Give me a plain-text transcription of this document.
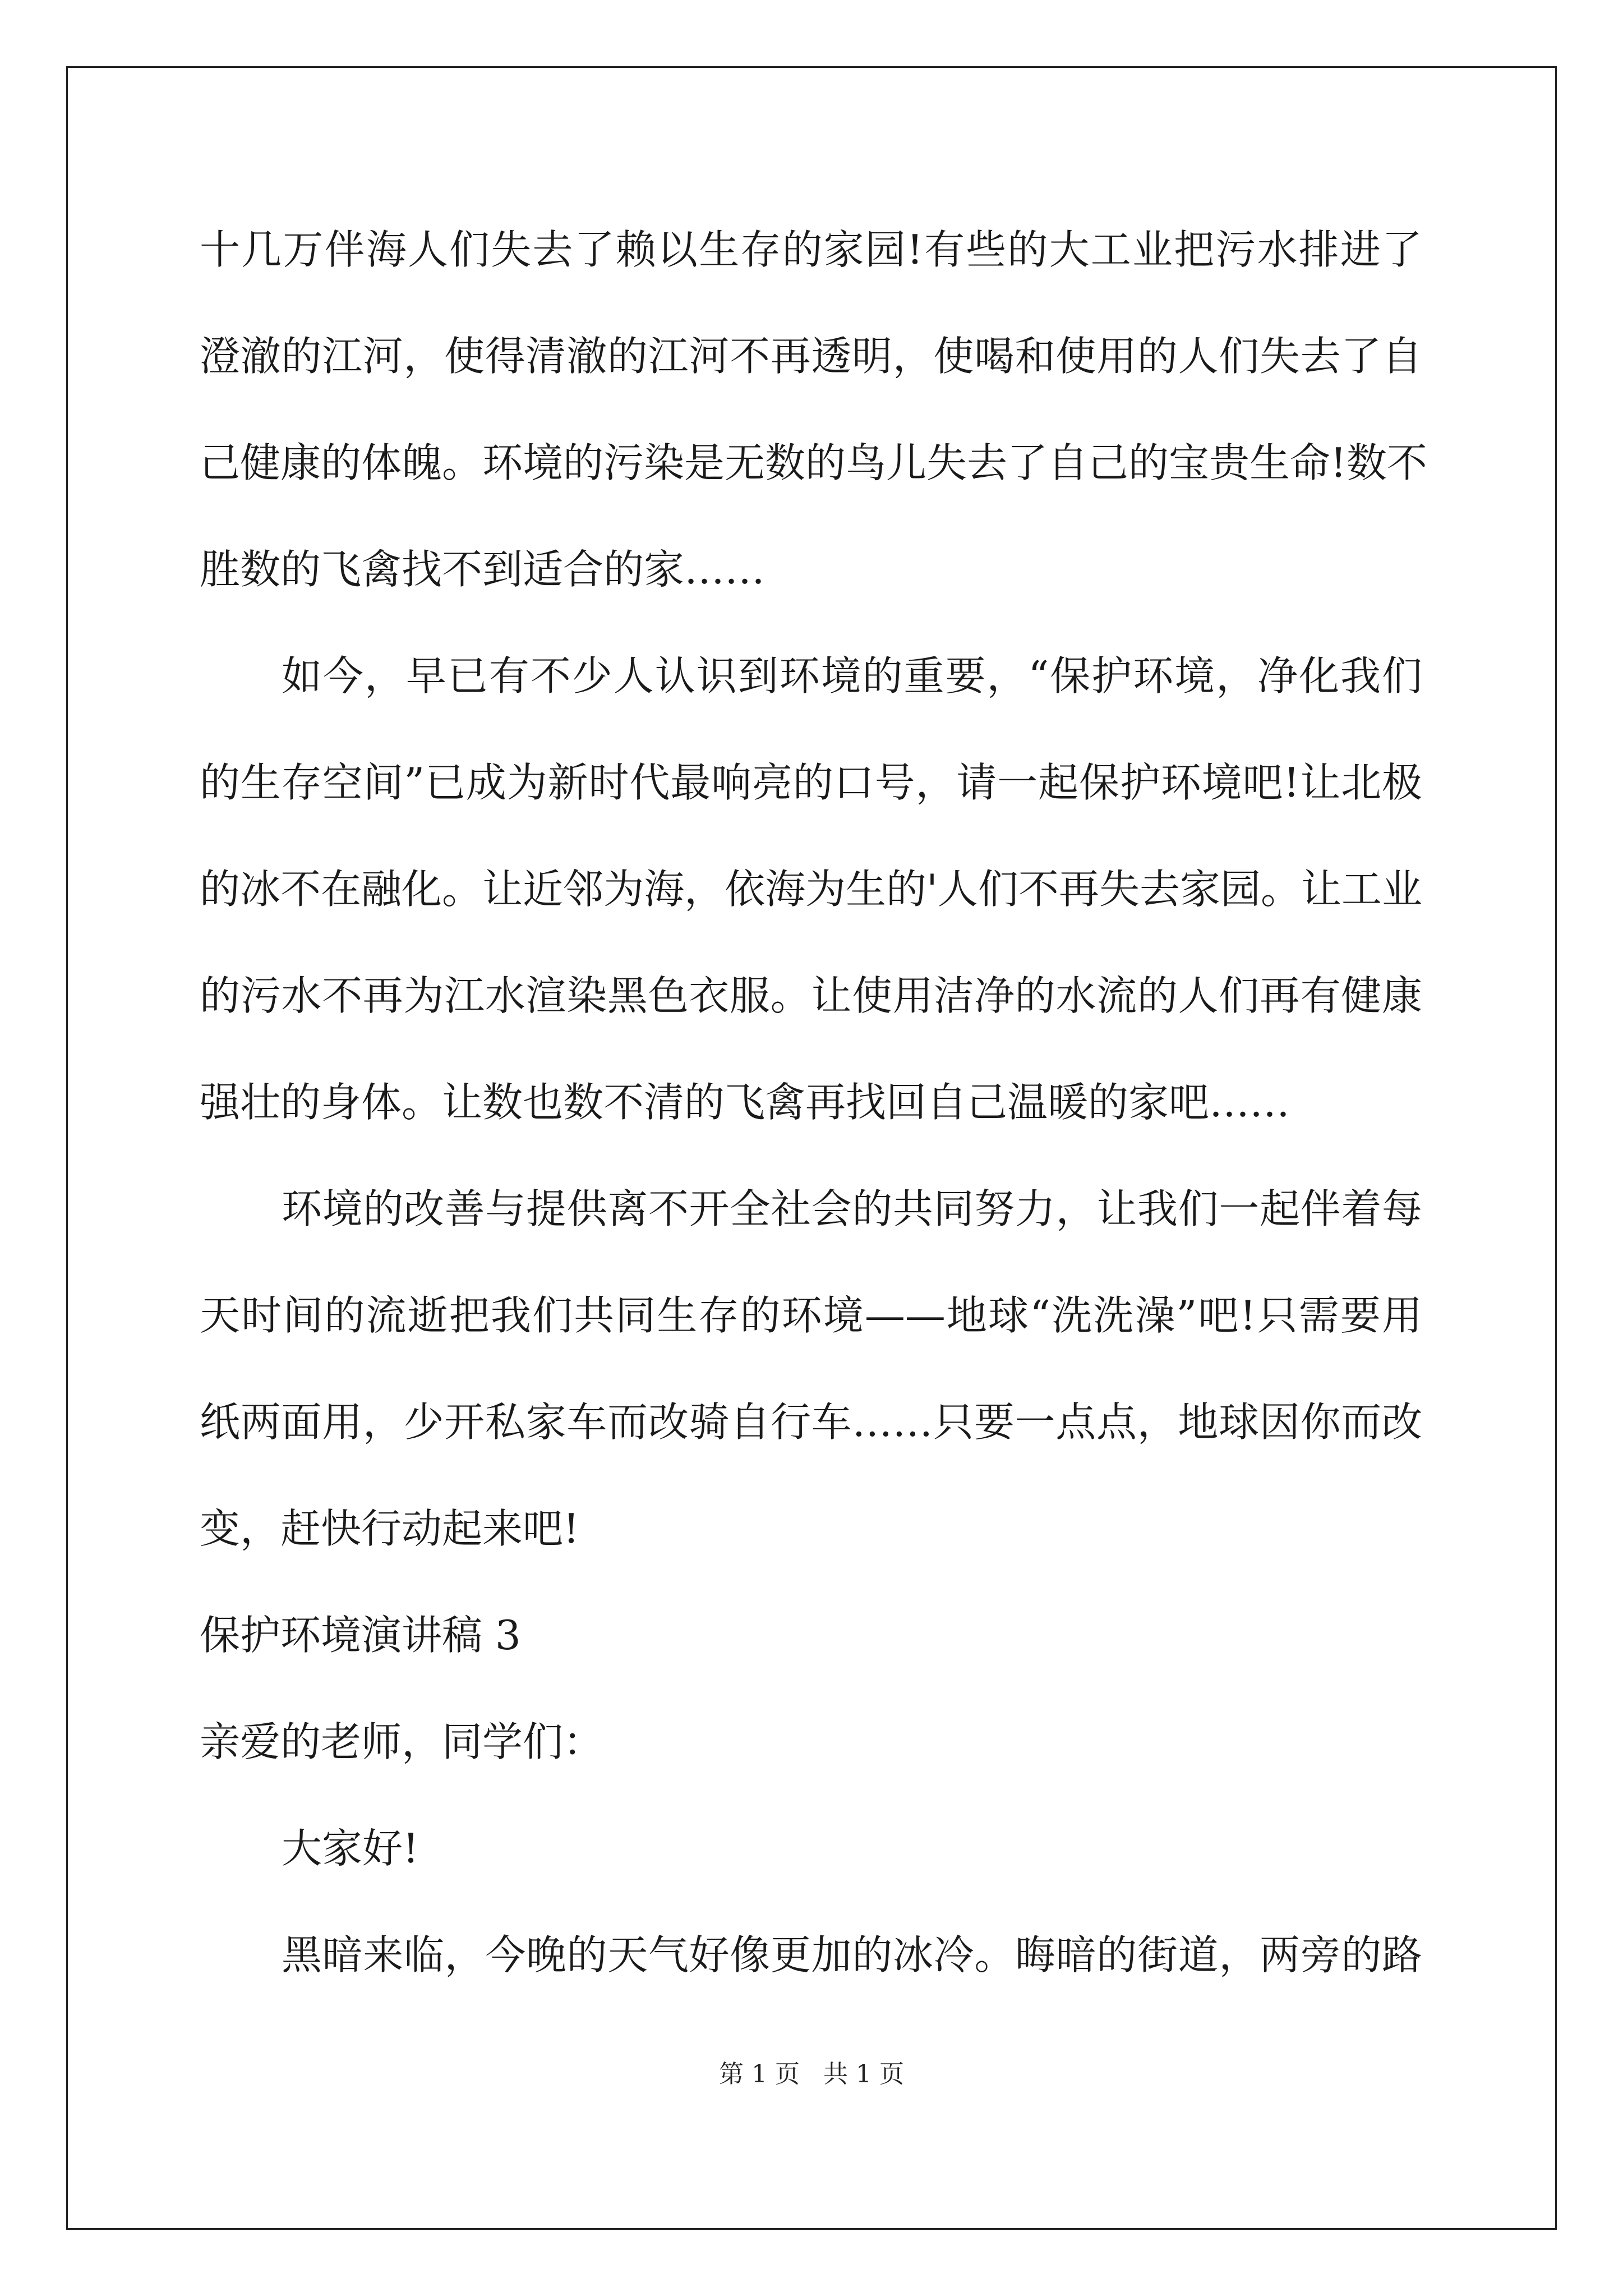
十几万伴海人们失去了赖以生存的家园!有些的大工业把污水排进了
澄澈的江河，使得清澈的江河不再透明，使喝和使用的人们失去了自
己健康的体魄。环境的污染是无数的鸟儿失去了自己的宝贵生命!数不
胜数的飞禽找不到适合的家……
如今，早已有不少人认识到环境的重要，“保护环境，净化我们
的生存空间”已成为新时代最响亮的口号，请一起保护环境吧!让北极
的冰不在融化。让近邻为海，依海为生的'人们不再失去家园。让工业
的污水不再为江水渲染黑色衣服。让使用洁净的水流的人们再有健康
强壮的身体。让数也数不清的飞禽再找回自己温暖的家吧……
环境的改善与提供离不开全社会的共同努力，让我们一起伴着每
天时间的流逝把我们共同生存的环境——地球“洗洗澡”吧!只需要用
纸两面用，少开私家车而改骑自行车……只要一点点，地球因你而改
变，赶快行动起来吧!
保护环境演讲稿 3
亲爱的老师，同学们：
大家好!
黑暗来临，今晚的天气好像更加的冰冷。晦暗的街道，两旁的路
第 1 页 共 1 页
